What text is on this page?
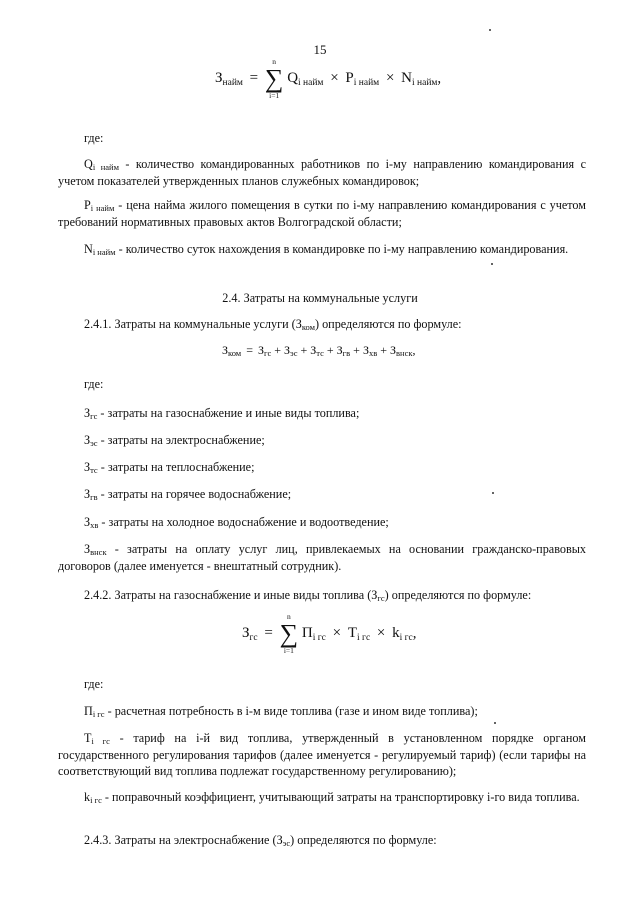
15
$З_{найм}$ =
n
∑
i=1
$Q_{i найм} \times P_{i найм} \times N_{i найм}$,
где:
Qi найм - количество командированных работников по i-му направлению командирования с учетом показателей утвержденных планов служебных командировок;
Pi найм - цена найма жилого помещения в сутки по i-му направлению командирования с учетом требований нормативных правовых актов Волгоградской области;
Ni найм - количество суток нахождения в командировке по i-му направлению командирования.
2.4. Затраты на коммунальные услуги
2.4.1. Затраты на коммунальные услуги (Зком) определяются по формуле:
Зком = Згс + Зэс + Зтс + Згв + Зхв + Звнск,
где:
Згс - затраты на газоснабжение и иные виды топлива;
Зэс - затраты на электроснабжение;
Зтс - затраты на теплоснабжение;
Згв - затраты на горячее водоснабжение;
Зхв - затраты на холодное водоснабжение и водоотведение;
Звнск - затраты на оплату услуг лиц, привлекаемых на основании гражданско-правовых договоров (далее именуется - внештатный сотрудник).
2.4.2. Затраты на газоснабжение и иные виды топлива (Згс) определяются по формуле:
$З_{гс}$ =
n
∑
i=1
$П_{i гс} \times Т_{i гс} \times k_{i гс}$,
где:
Пi гс - расчетная потребность в i-м виде топлива (газе и ином виде топлива);
Тi гс - тариф на i-й вид топлива, утвержденный в установленном порядке органом государственного регулирования тарифов (далее именуется - регулируемый тариф) (если тарифы на соответствующий вид топлива подлежат государственному регулированию);
ki гс - поправочный коэффициент, учитывающий затраты на транспортировку i-го вида топлива.
2.4.3. Затраты на электроснабжение (Зэс) определяются по формуле:
